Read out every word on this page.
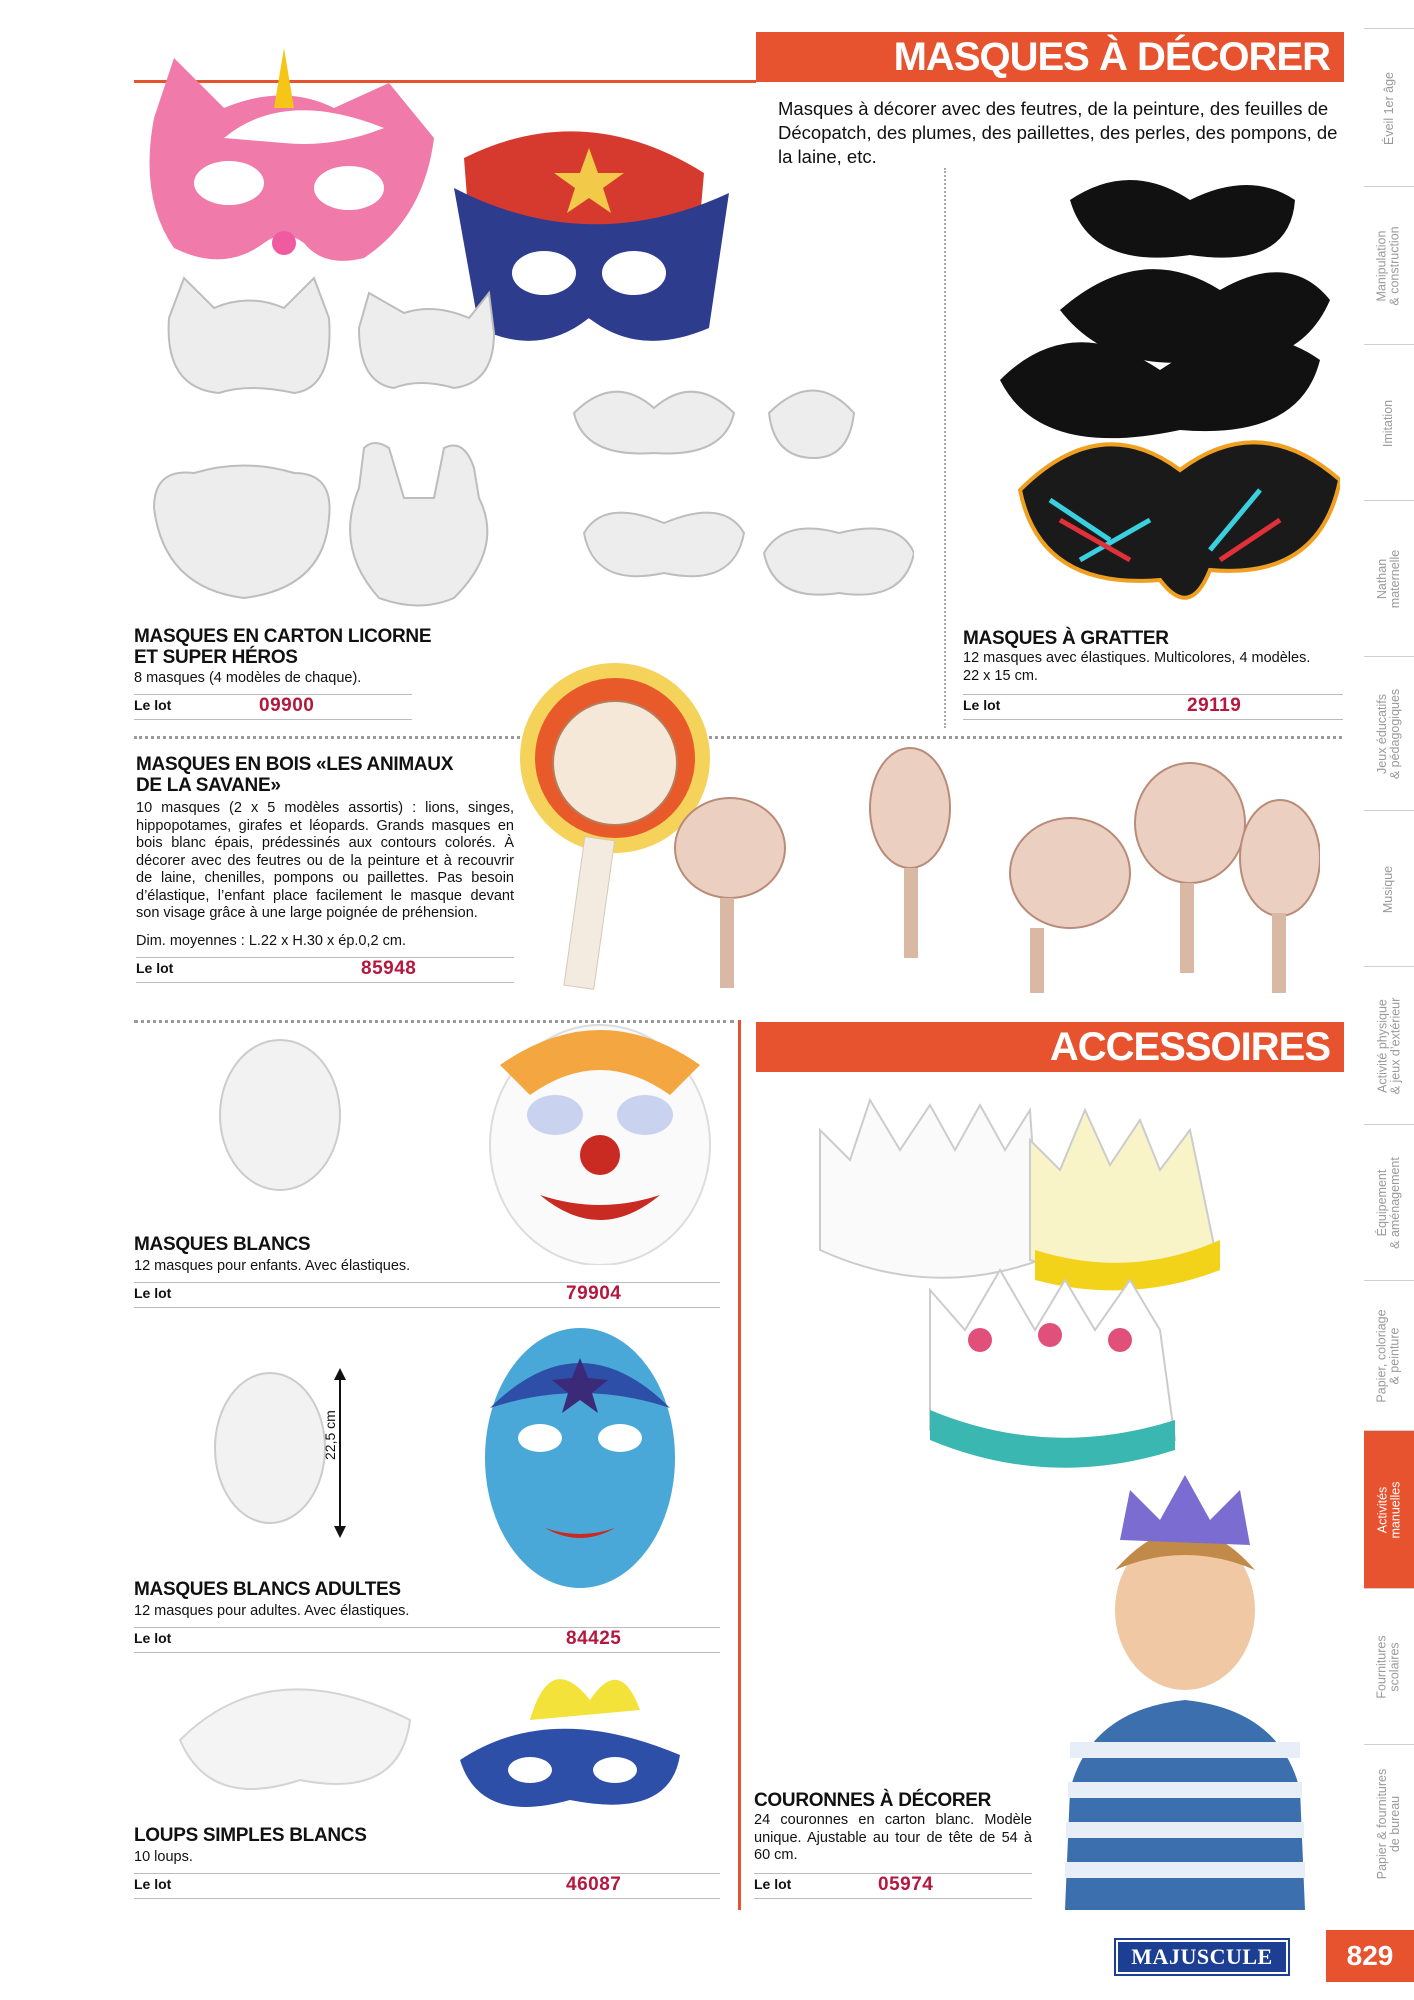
MASQUES À DÉCORER
Masques à décorer avec des feutres, de la peinture, des feuilles de Décopatch, des plumes, des paillettes, des perles, des pompons, de la laine, etc.
MASQUES EN CARTON LICORNE
ET SUPER HÉROS
8 masques (4 modèles de chaque).
Le lot	09900
MASQUES À GRATTER
12 masques avec élastiques. Multicolores, 4 modèles.
22 x 15 cm.
Le lot	29119
MASQUES EN BOIS «LES ANIMAUX
DE LA SAVANE»
10 masques (2 x 5 modèles assortis) : lions, singes, hippopotames, girafes et léopards. Grands masques en bois blanc épais, prédessinés aux contours colorés. À décorer avec des feutres ou de la peinture et à recouvrir de laine, chenilles, pompons ou paillettes. Pas besoin d’élastique, l’enfant place facilement le masque devant son visage grâce à une large poignée de préhension.
Dim. moyennes : L.22 x H.30 x ép.0,2 cm.
Le lot	85948
ACCESSOIRES
MASQUES BLANCS
12 masques pour enfants. Avec élastiques.
Le lot	79904
22,5 cm
MASQUES BLANCS ADULTES
12 masques pour adultes. Avec élastiques.
Le lot	84425
LOUPS SIMPLES BLANCS
10 loups.
Le lot	46087
COURONNES À DÉCORER
24 couronnes en carton blanc. Modèle unique. Ajustable au tour de tête de 54 à 60 cm.
Le lot	05974
Éveil 1er âge
Manipulation & construction
Imitation
Nathan maternelle
Jeux éducatifs & pédagogiques
Musique
Activité physique & jeux d’extérieur
Équipement & aménagement
Papier, coloriage & peinture
Activités manuelles
Fournitures scolaires
Papier & fournitures de bureau
MAJUSCULE	829
